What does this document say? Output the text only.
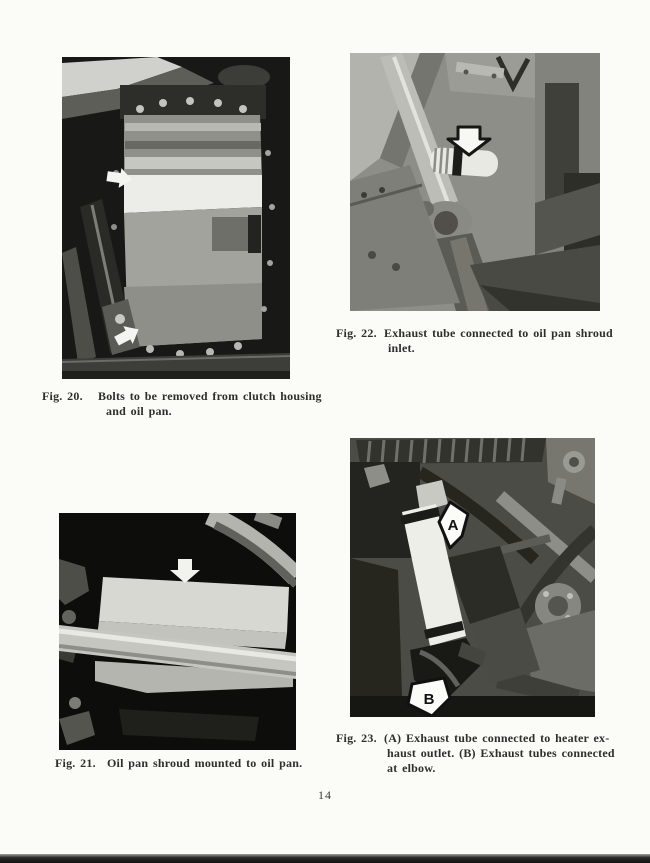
A
B
Fig. 20. Bolts to be removed from clutch housing
and oil pan.
Fig. 22. Exhaust tube connected to oil pan shroud
inlet.
Fig. 21. Oil pan shroud mounted to oil pan.
Fig. 23. (A) Exhaust tube connected to heater ex-
haust outlet. (B) Exhaust tubes connected
at elbow.
14
